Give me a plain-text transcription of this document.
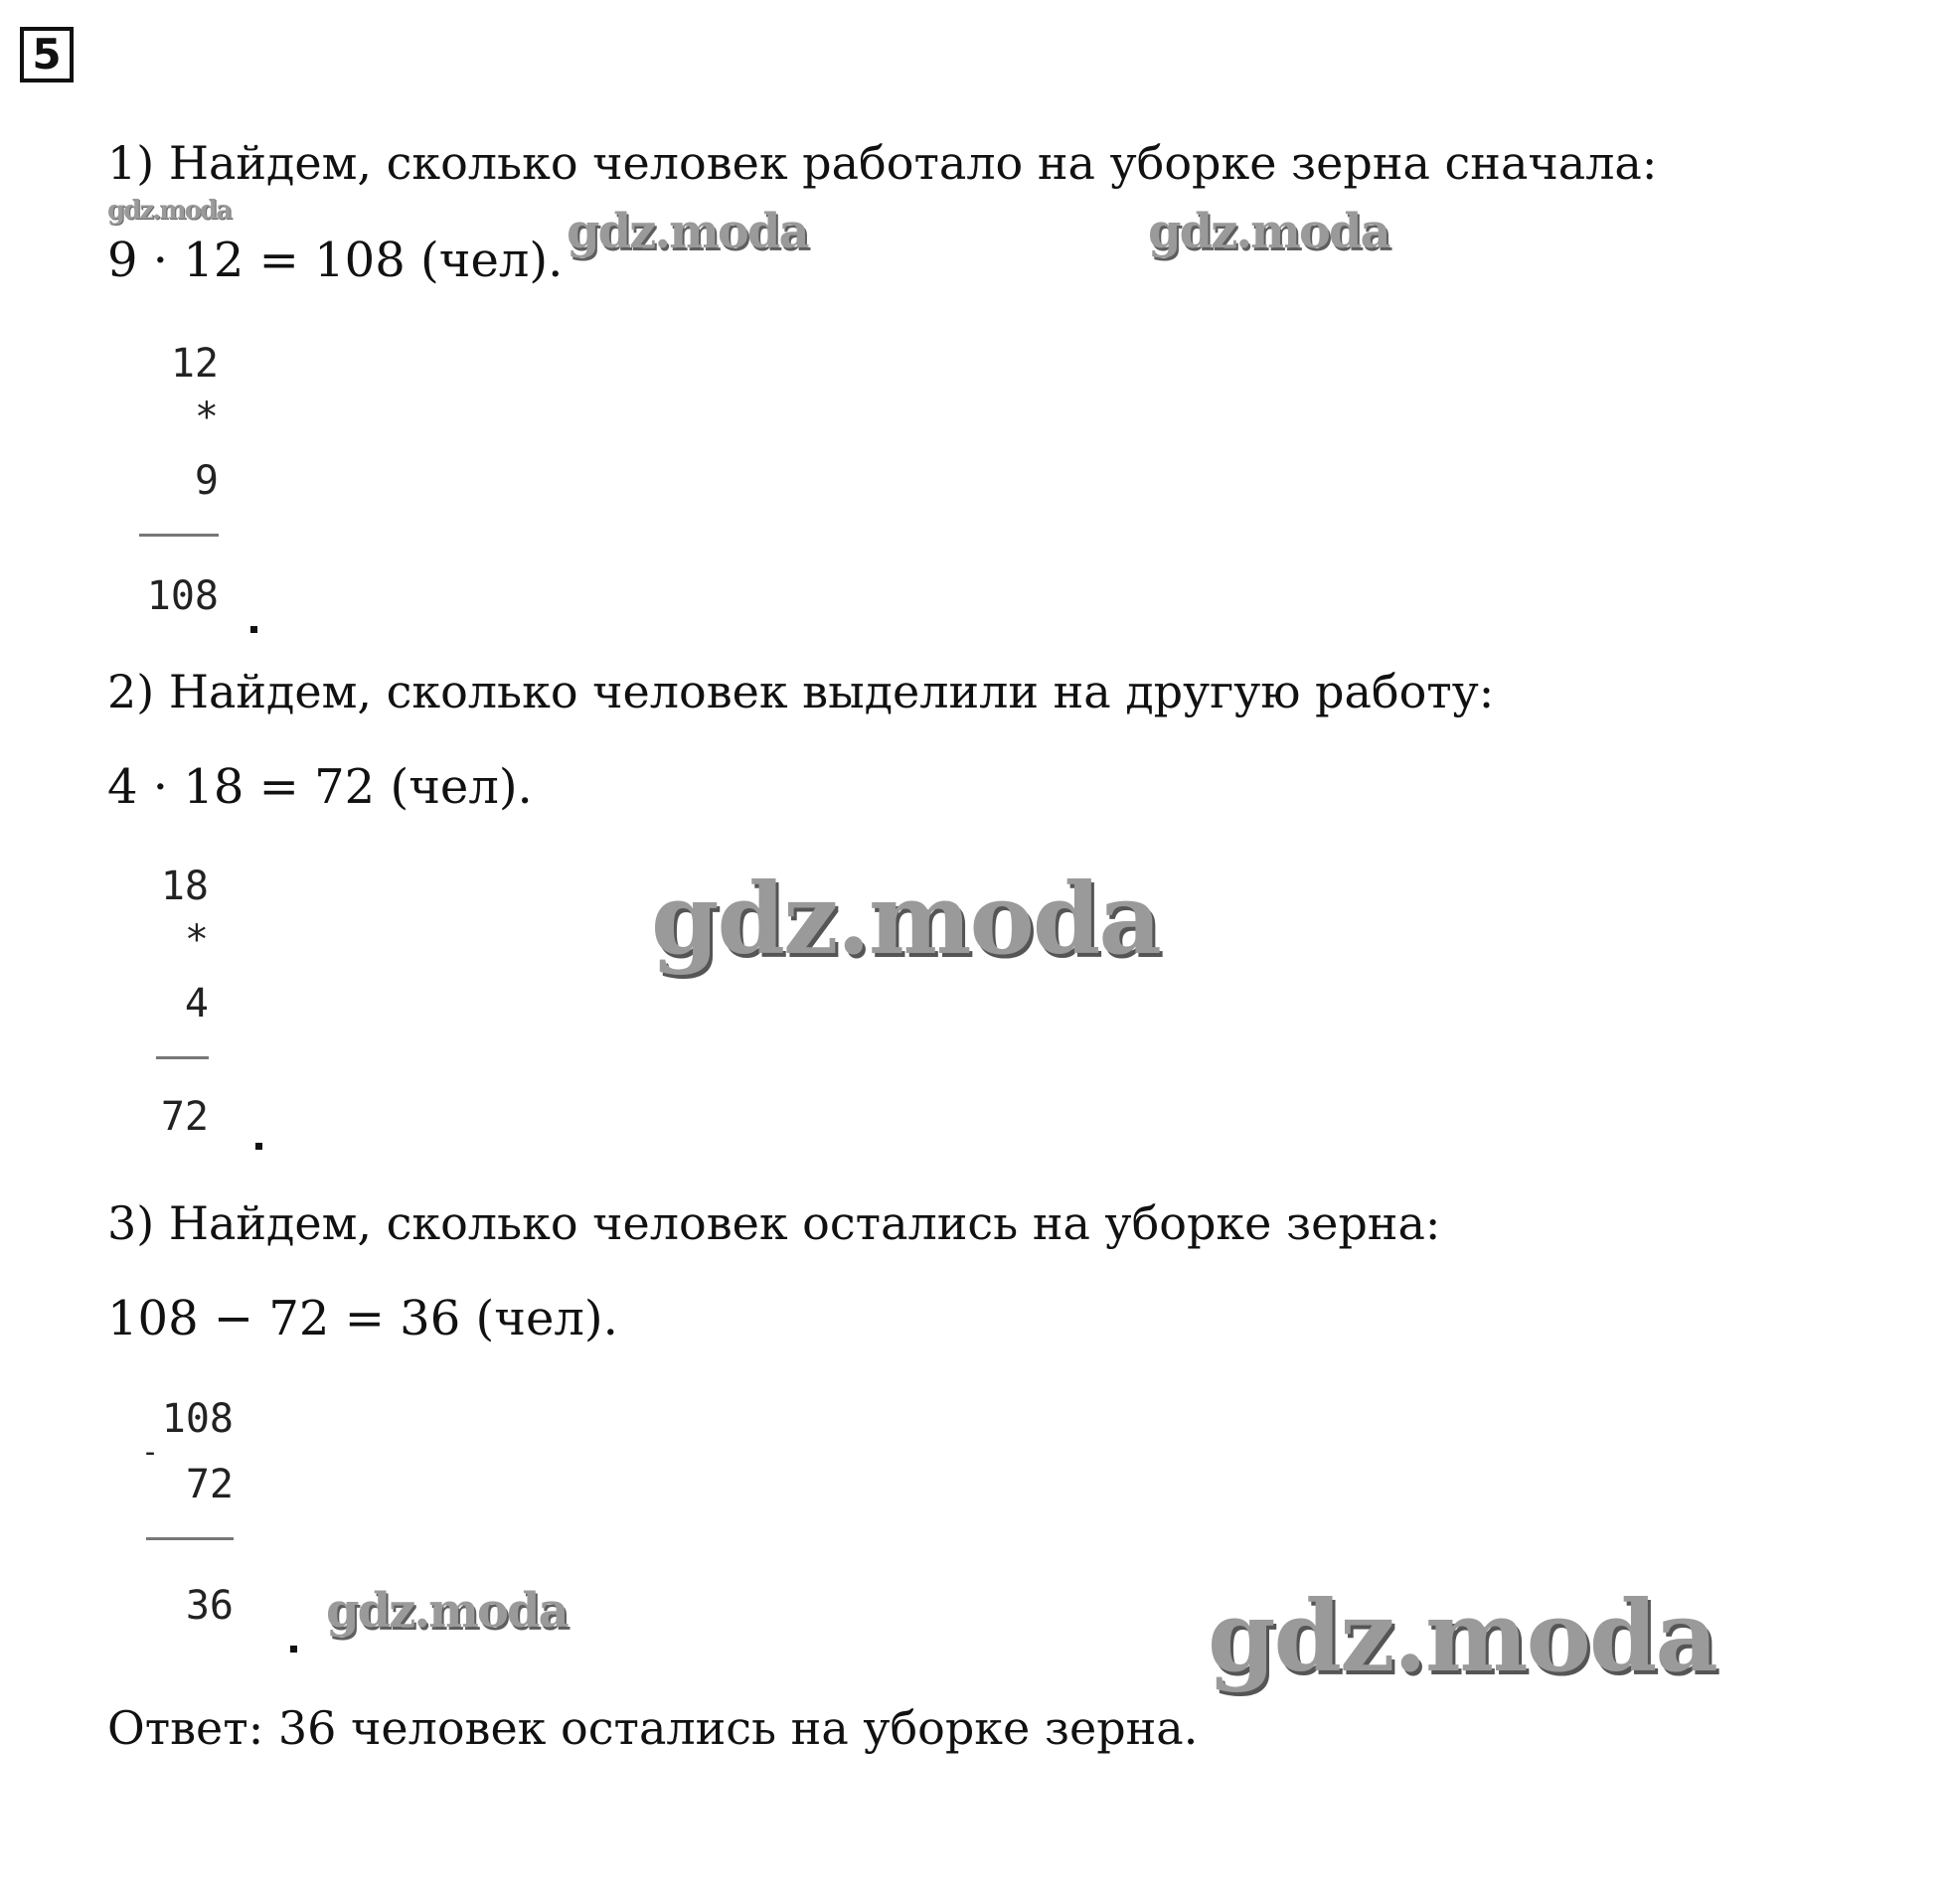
5
1) Найдем, сколько человек работало на уборке зерна сначала:
9 · 12 = 108 (чел).
12
*
9
108
2) Найдем, сколько человек выделили на другую работу:
4 · 18 = 72 (чел).
18
*
4
72
3) Найдем, сколько человек остались на уборке зерна:
108 − 72 = 36 (чел).
108
-
72
36
Ответ: 36 человек остались на уборке зерна.
gdz.moda	gdz.moda	gdz.moda
gdz.moda
gdz.moda	gdz.moda
